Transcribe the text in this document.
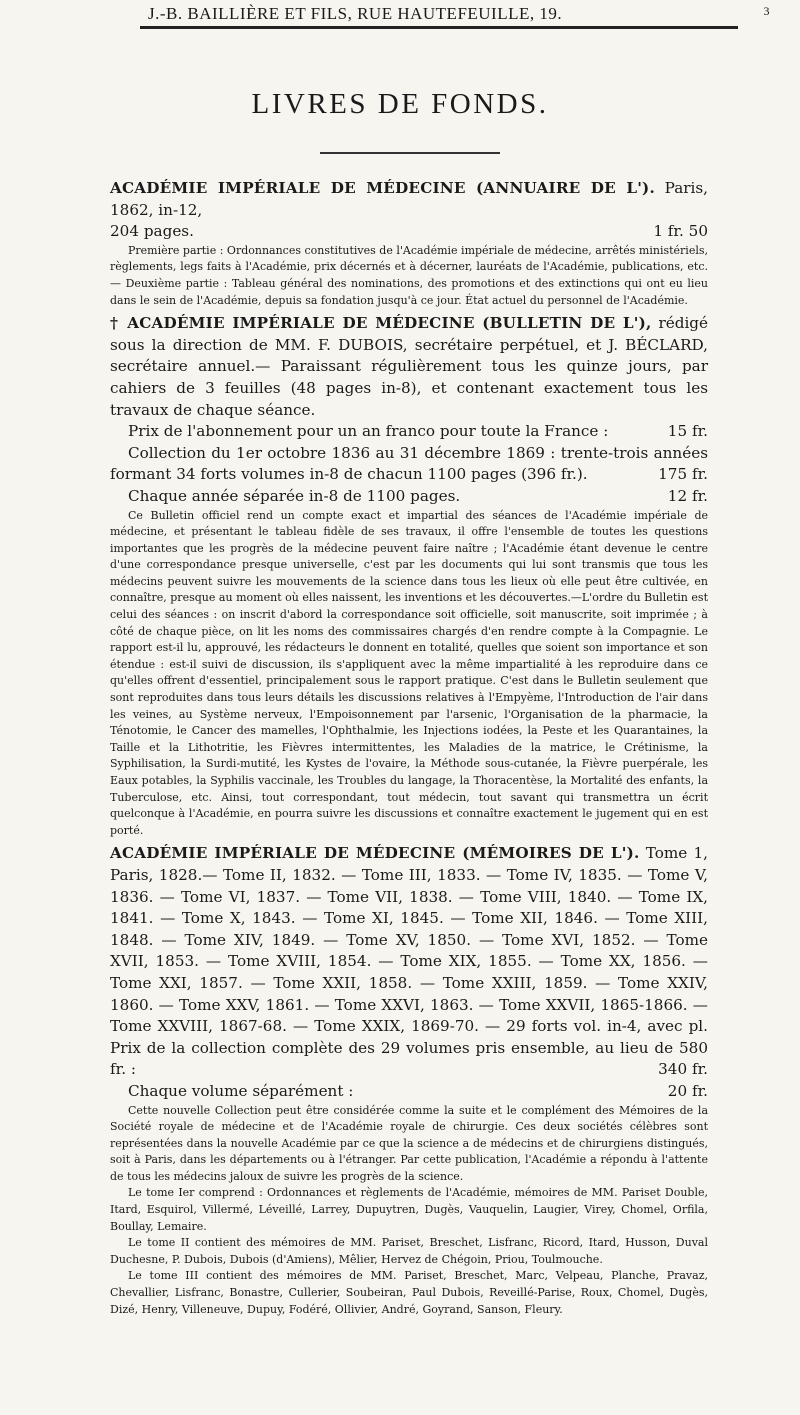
J.-B. BAILLIÈRE ET FILS, RUE HAUTEFEUILLE, 19.	3
LIVRES DE FONDS.

ACADÉMIE IMPÉRIALE DE MÉDECINE (ANNUAIRE DE L'). Paris, 1862, in-12,

204 pages.	1 fr. 50

Première partie : Ordonnances constitutives de l'Académie impériale de médecine, arrêtés ministériels, règlements, legs faits à l'Académie, prix décernés et à décerner, lauréats de l'Académie, publications, etc.— Deuxième partie : Tableau général des nominations, des promotions et des extinctions qui ont eu lieu dans le sein de l'Académie, depuis sa fondation jusqu'à ce jour. État actuel du personnel de l'Académie.

† ACADÉMIE IMPÉRIALE DE MÉDECINE (BULLETIN DE L'), rédigé sous la direction de MM. F. DUBOIS, secrétaire perpétuel, et J. BÉCLARD, secrétaire annuel.— Paraissant régulièrement tous les quinze jours, par cahiers de 3 feuilles (48 pages in-8), et contenant exactement tous les travaux de chaque séance.

Prix de l'abonnement pour un an franco pour toute la France :	15 fr.

Collection du 1er octobre 1836 au 31 décembre 1869 : trente-trois années formant 34 forts volumes in-8 de chacun 1100 pages (396 fr.).	175 fr.

Chaque année séparée in-8 de 1100 pages.	12 fr.

Ce Bulletin officiel rend un compte exact et impartial des séances de l'Académie impériale de médecine, et présentant le tableau fidèle de ses travaux, il offre l'ensemble de toutes les questions importantes que les progrès de la médecine peuvent faire naître ; l'Académie étant devenue le centre d'une correspondance presque universelle, c'est par les documents qui lui sont transmis que tous les médecins peuvent suivre les mouvements de la science dans tous les lieux où elle peut être cultivée, en connaître, presque au moment où elles naissent, les inventions et les découvertes.—L'ordre du Bulletin est celui des séances : on inscrit d'abord la correspondance soit officielle, soit manuscrite, soit imprimée ; à côté de chaque pièce, on lit les noms des commissaires chargés d'en rendre compte à la Compagnie. Le rapport est-il lu, approuvé, les rédacteurs le donnent en totalité, quelles que soient son importance et son étendue : est-il suivi de discussion, ils s'appliquent avec la même impartialité à les reproduire dans ce qu'elles offrent d'essentiel, principalement sous le rapport pratique. C'est dans le Bulletin seulement que sont reproduites dans tous leurs détails les discussions relatives à l'Empyème, l'Introduction de l'air dans les veines, au Système nerveux, l'Empoisonnement par l'arsenic, l'Organisation de la pharmacie, la Ténotomie, le Cancer des mamelles, l'Ophthalmie, les Injections iodées, la Peste et les Quarantaines, la Taille et la Lithotritie, les Fièvres intermittentes, les Maladies de la matrice, le Crétinisme, la Syphilisation, la Surdi-mutité, les Kystes de l'ovaire, la Méthode sous-cutanée, la Fièvre puerpérale, les Eaux potables, la Syphilis vaccinale, les Troubles du langage, la Thoracentèse, la Mortalité des enfants, la Tuberculose, etc. Ainsi, tout correspondant, tout médecin, tout savant qui transmettra un écrit quelconque à l'Académie, en pourra suivre les discussions et connaître exactement le jugement qui en est porté.

ACADÉMIE IMPÉRIALE DE MÉDECINE (MÉMOIRES DE L'). Tome 1, Paris, 1828.— Tome II, 1832. — Tome III, 1833. — Tome IV, 1835. — Tome V, 1836. — Tome VI, 1837. — Tome VII, 1838. — Tome VIII, 1840. — Tome IX, 1841. — Tome X, 1843. — Tome XI, 1845. — Tome XII, 1846. — Tome XIII, 1848. — Tome XIV, 1849. — Tome XV, 1850. — Tome XVI, 1852. — Tome XVII, 1853. — Tome XVIII, 1854. — Tome XIX, 1855. — Tome XX, 1856. — Tome XXI, 1857. — Tome XXII, 1858. — Tome XXIII, 1859. — Tome XXIV, 1860. — Tome XXV, 1861. — Tome XXVI, 1863. — Tome XXVII, 1865-1866. — Tome XXVIII, 1867-68. — Tome XXIX, 1869-70. — 29 forts vol. in-4, avec pl. Prix de la collection complète des 29 volumes pris ensemble, au lieu de 580 fr. :	340 fr.

Chaque volume séparément :	20 fr.

Cette nouvelle Collection peut être considérée comme la suite et le complément des Mémoires de la Société royale de médecine et de l'Académie royale de chirurgie. Ces deux sociétés célèbres sont représentées dans la nouvelle Académie par ce que la science a de médecins et de chirurgiens distingués, soit à Paris, dans les départements ou à l'étranger. Par cette publication, l'Académie a répondu à l'attente de tous les médecins jaloux de suivre les progrès de la science.

Le tome Ier comprend : Ordonnances et règlements de l'Académie, mémoires de MM. Pariset Double, Itard, Esquirol, Villermé, Léveillé, Larrey, Dupuytren, Dugès, Vauquelin, Laugier, Virey, Chomel, Orfila, Boullay, Lemaire.

Le tome II contient des mémoires de MM. Pariset, Breschet, Lisfranc, Ricord, Itard, Husson, Duval Duchesne, P. Dubois, Dubois (d'Amiens), Mêlier, Hervez de Chégoin, Priou, Toulmouche.

Le tome III contient des mémoires de MM. Pariset, Breschet, Marc, Velpeau, Planche, Pravaz, Chevallier, Lisfranc, Bonastre, Cullerier, Soubeiran, Paul Dubois, Reveillé-Parise, Roux, Chomel, Dugès, Dizé, Henry, Villeneuve, Dupuy, Fodéré, Ollivier, André, Goyrand, Sanson, Fleury.
